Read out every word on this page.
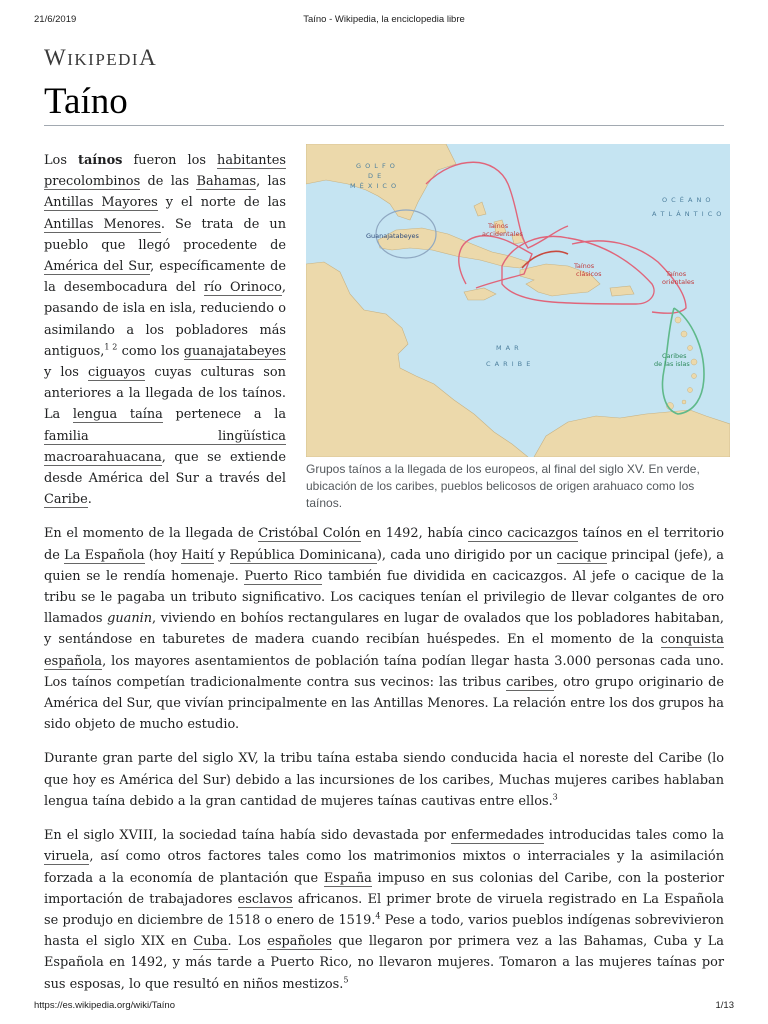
21/6/2019	Taíno - Wikipedia, la enciclopedia libre
WIKIPEDIA
Taíno
G O L F O
D E
M É X I C O
O C É A N O
A T L Á N T I C O
M A R
C A R I B E
Guanajatabeyes
Taínos
accidentales
Taínos
clásicos	Taínos
orientales
Caribes
de las islas
Grupos taínos a la llegada de los europeos, al final del siglo XV. En verde, ubicación de los caribes, pueblos belicosos de origen arahuaco como los taínos.

Los taínos fueron los habitantes precolombinos de las Bahamas, las Antillas Mayores y el norte de las Antillas Menores. Se trata de un pueblo que llegó procedente de América del Sur, específicamente de la desembocadura del río Orinoco, pasando de isla en isla, reduciendo o asimilando a los pobladores más antiguos,$^{1 2}$ como los guanajatabeyes y los ciguayos cuyas culturas son anteriores a la llegada de los taínos. La lengua taína pertenece a la familia lingüística macroarahuacana, que se extiende desde América del Sur a través del Caribe.

En el momento de la llegada de Cristóbal Colón en 1492, había cinco cacicazgos taínos en el territorio de La Española (hoy Haití y República Dominicana), cada uno dirigido por un cacique principal (jefe), a quien se le rendía homenaje. Puerto Rico también fue dividida en cacicazgos. Al jefe o cacique de la tribu se le pagaba un tributo significativo. Los caciques tenían el privilegio de llevar colgantes de oro llamados guanin, viviendo en bohíos rectangulares en lugar de ovalados que los pobladores habitaban, y sentándose en taburetes de madera cuando recibían huéspedes. En el momento de la conquista española, los mayores asentamientos de población taína podían llegar hasta 3.000 personas cada uno. Los taínos competían tradicionalmente contra sus vecinos: las tribus caribes, otro grupo originario de América del Sur, que vivían principalmente en las Antillas Menores. La relación entre los dos grupos ha sido objeto de mucho estudio.

Durante gran parte del siglo XV, la tribu taína estaba siendo conducida hacia el noreste del Caribe (lo que hoy es América del Sur) debido a las incursiones de los caribes, Muchas mujeres caribes hablaban lengua taína debido a la gran cantidad de mujeres taínas cautivas entre ellos.$^3$

En el siglo XVIII, la sociedad taína había sido devastada por enfermedades introducidas tales como la viruela, así como otros factores tales como los matrimonios mixtos o interraciales y la asimilación forzada a la economía de plantación que España impuso en sus colonias del Caribe, con la posterior importación de trabajadores esclavos africanos. El primer brote de viruela registrado en La Española se produjo en diciembre de 1518 o enero de 1519.$^4$ Pese a todo, varios pueblos indígenas sobrevivieron hasta el siglo XIX en Cuba. Los españoles que llegaron por primera vez a las Bahamas, Cuba y La Española en 1492, y más tarde a Puerto Rico, no llevaron mujeres. Tomaron a las mujeres taínas por sus esposas, lo que resultó en niños mestizos.$^5$

https://es.wikipedia.org/wiki/Taíno	1/13
